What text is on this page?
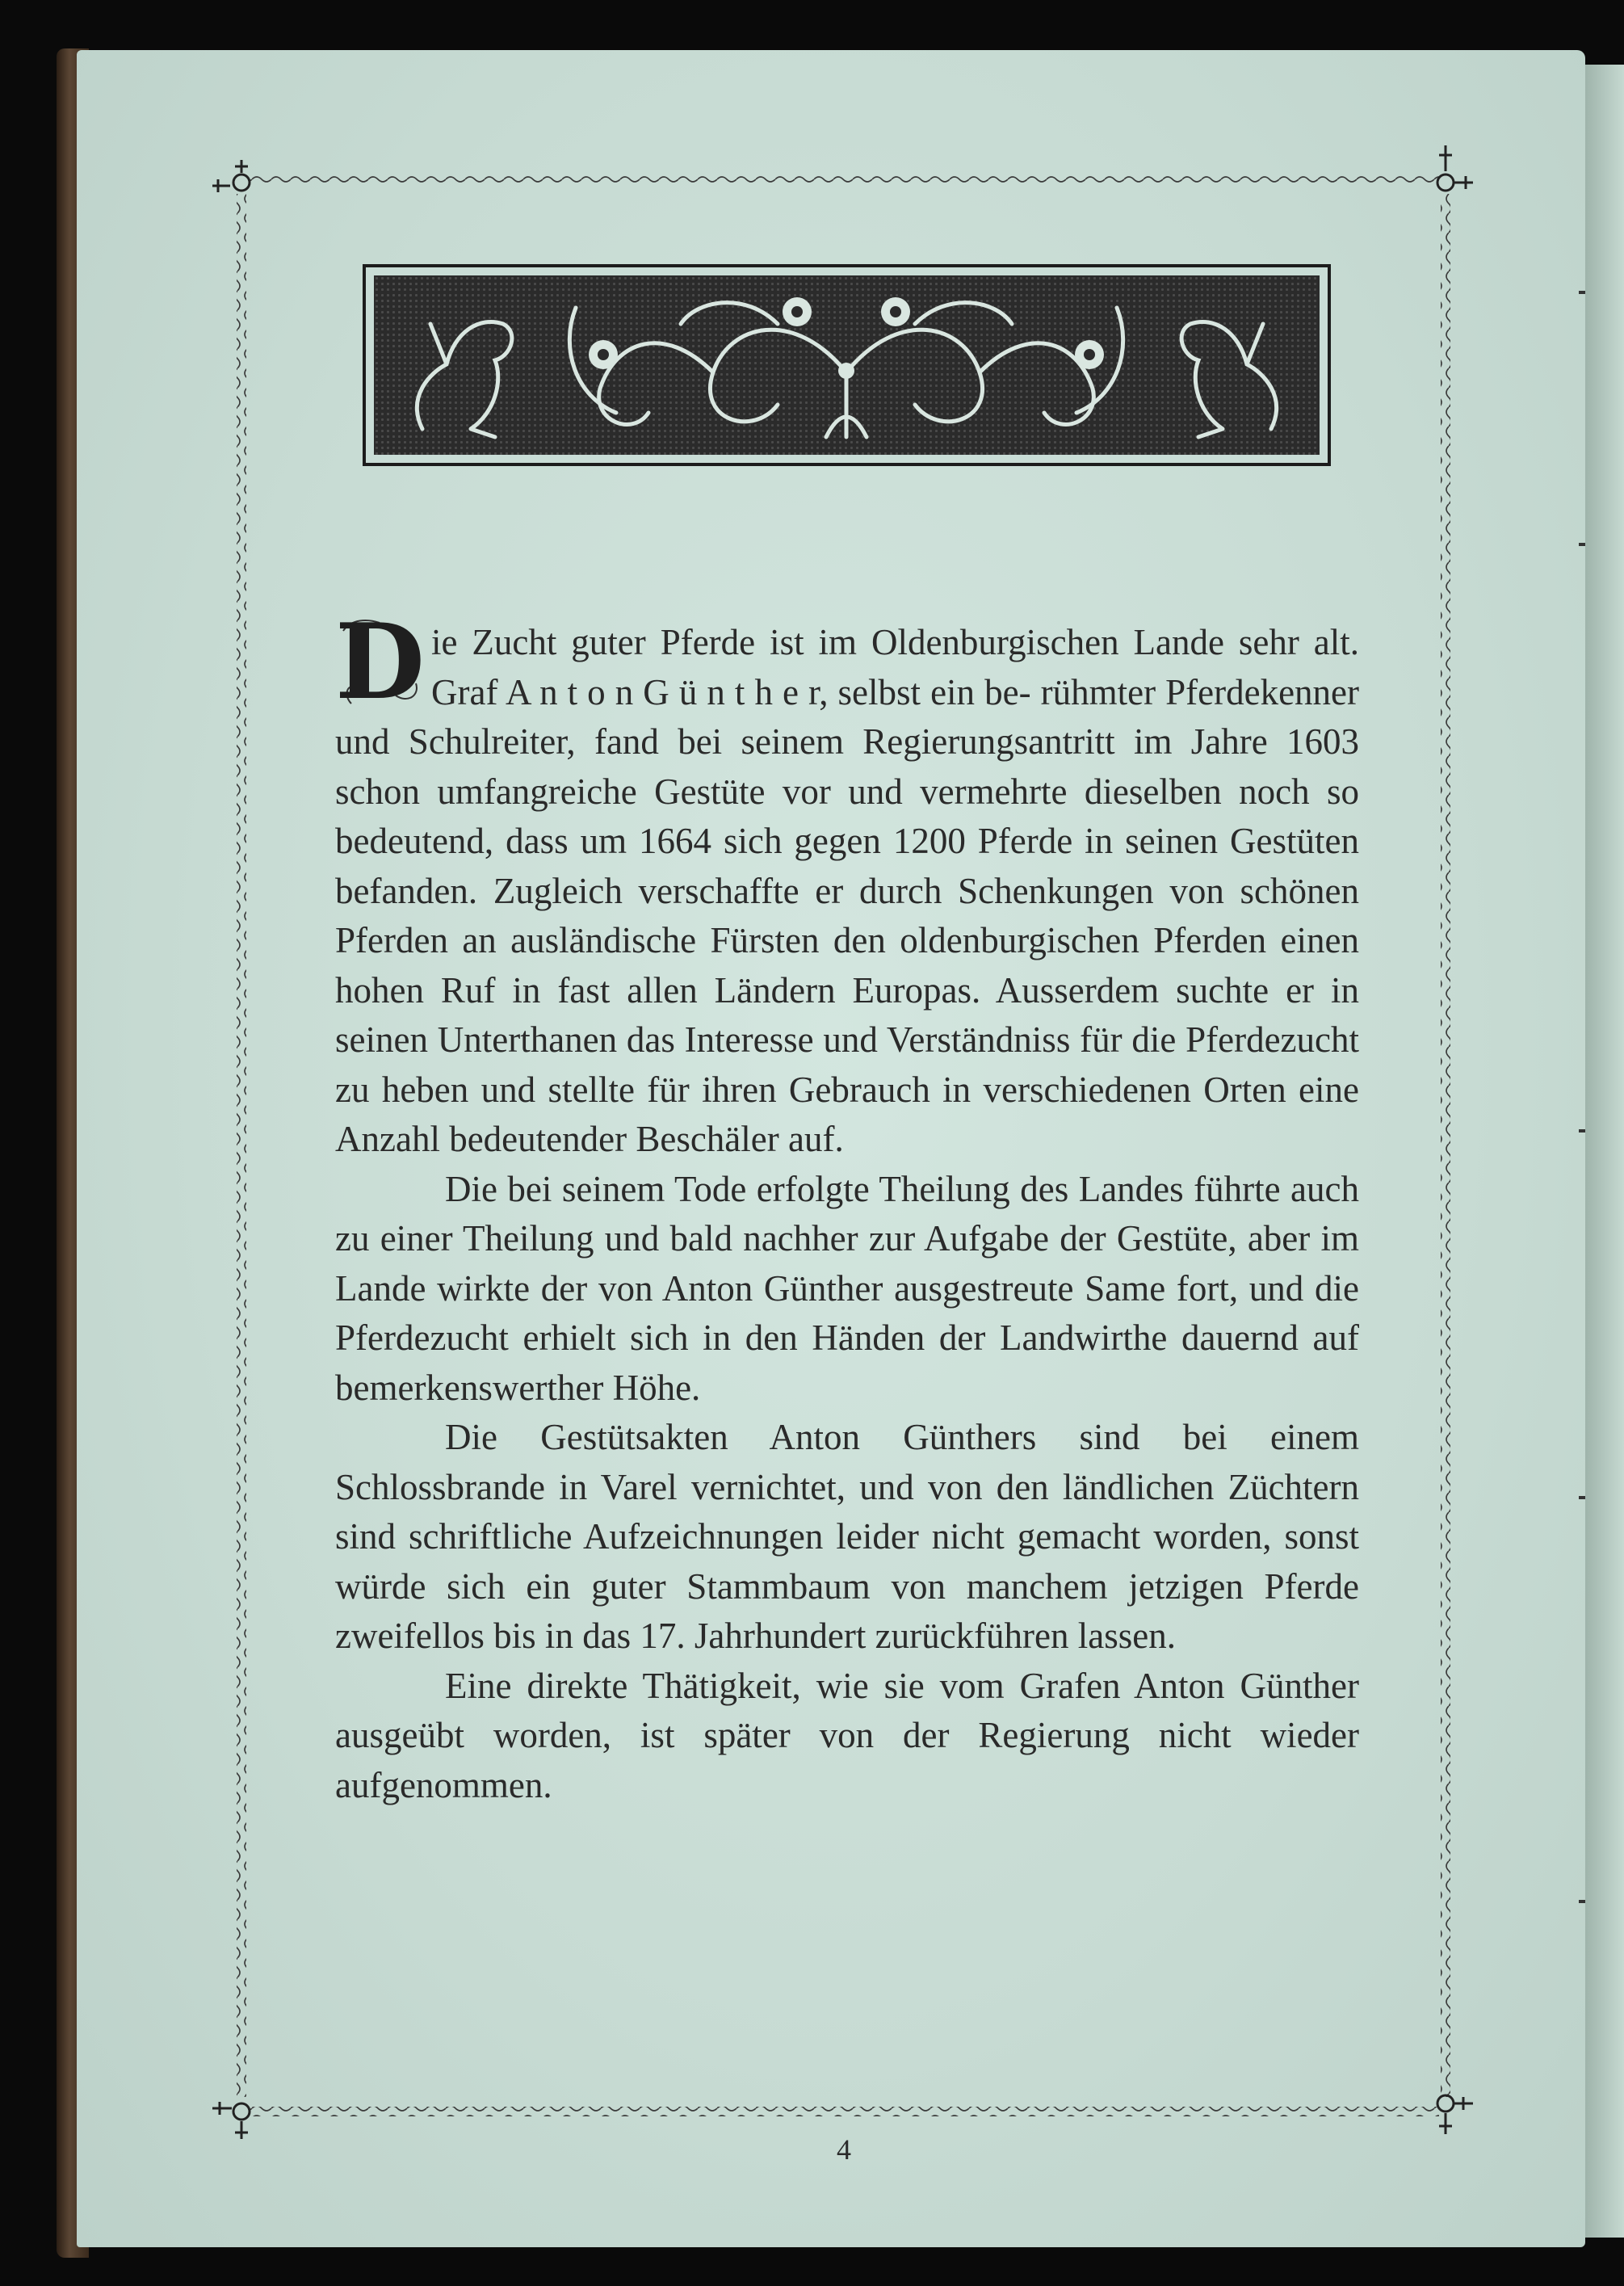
D ie Zucht guter Pferde ist im Oldenburgischen Lande sehr alt. Graf A n t o n G ü n t h e r, selbst ein be- rühmter Pferdekenner und Schulreiter, fand bei seinem Regierungsantritt im Jahre 1603 schon umfangreiche Gestüte vor und vermehrte dieselben noch so bedeutend, dass um 1664 sich gegen 1200 Pferde in seinen Gestüten befanden. Zugleich verschaffte er durch Schenkungen von schönen Pferden an ausländische Fürsten den oldenburgischen Pferden einen hohen Ruf in fast allen Ländern Europas. Ausserdem suchte er in seinen Unterthanen das Interesse und Verständniss für die Pferdezucht zu heben und stellte für ihren Gebrauch in verschiedenen Orten eine Anzahl bedeutender Beschäler auf.

Die bei seinem Tode erfolgte Theilung des Landes führte auch zu einer Theilung und bald nachher zur Aufgabe der Gestüte, aber im Lande wirkte der von Anton Günther ausgestreute Same fort, und die Pferdezucht erhielt sich in den Händen der Landwirthe dauernd auf bemerkenswerther Höhe.

Die Gestütsakten Anton Günthers sind bei einem Schlossbrande in Varel vernichtet, und von den ländlichen Züchtern sind schriftliche Aufzeichnungen leider nicht gemacht worden, sonst würde sich ein guter Stammbaum von manchem jetzigen Pferde zweifellos bis in das 17. Jahrhundert zurückführen lassen.

Eine direkte Thätigkeit, wie sie vom Grafen Anton Günther ausgeübt worden, ist später von der Regierung nicht wieder aufgenommen.

4
